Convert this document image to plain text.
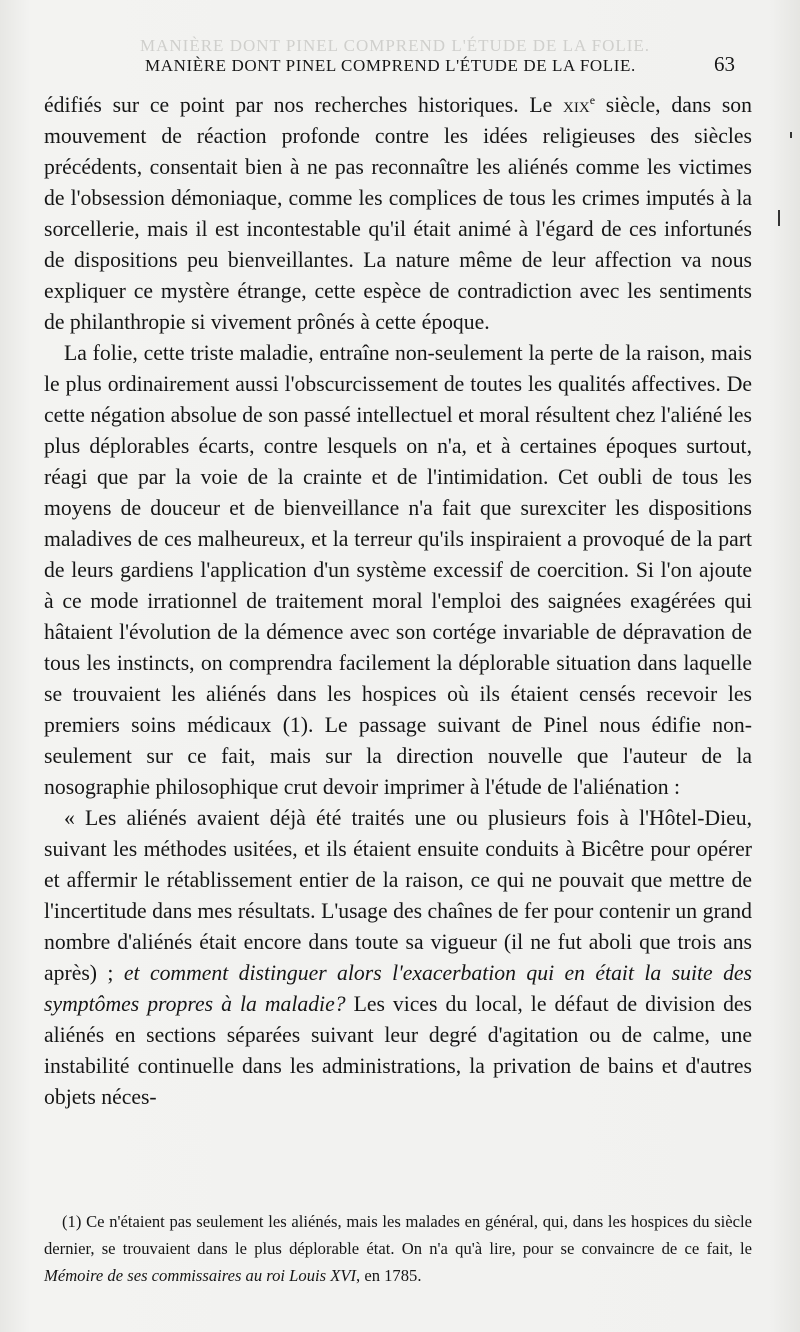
MANIÈRE DONT PINEL COMPREND L'ÉTUDE DE LA FOLIE.
MANIÈRE DONT PINEL COMPREND L'ÉTUDE DE LA FOLIE.	63

édifiés sur ce point par nos recherches historiques. Le xix$^e$ siècle, dans son mouvement de réaction profonde contre les idées religieuses des siècles précédents, consentait bien à ne pas reconnaître les aliénés comme les victimes de l'obsession démoniaque, comme les complices de tous les crimes imputés à la sorcellerie, mais il est incontestable qu'il était animé à l'égard de ces infortunés de dispositions peu bienveillantes. La nature même de leur affection va nous expliquer ce mystère étrange, cette espèce de contradiction avec les sentiments de philanthropie si vivement prônés à cette époque.

La folie, cette triste maladie, entraîne non-seulement la perte de la raison, mais le plus ordinairement aussi l'obscurcissement de toutes les qualités affectives. De cette négation absolue de son passé intellectuel et moral résultent chez l'aliéné les plus déplorables écarts, contre lesquels on n'a, et à certaines époques surtout, réagi que par la voie de la crainte et de l'intimidation. Cet oubli de tous les moyens de douceur et de bienveillance n'a fait que surexciter les dispositions maladives de ces malheureux, et la terreur qu'ils inspiraient a provoqué de la part de leurs gardiens l'application d'un système excessif de coercition. Si l'on ajoute à ce mode irrationnel de traitement moral l'emploi des saignées exagérées qui hâtaient l'évolution de la démence avec son cortége invariable de dépravation de tous les instincts, on comprendra facilement la déplorable situation dans laquelle se trouvaient les aliénés dans les hospices où ils étaient censés recevoir les premiers soins médicaux (1). Le passage suivant de Pinel nous édifie non-seulement sur ce fait, mais sur la direction nouvelle que l'auteur de la nosographie philosophique crut devoir imprimer à l'étude de l'aliénation :

« Les aliénés avaient déjà été traités une ou plusieurs fois à l'Hôtel-Dieu, suivant les méthodes usitées, et ils étaient ensuite conduits à Bicêtre pour opérer et affermir le rétablissement entier de la raison, ce qui ne pouvait que mettre de l'incertitude dans mes résultats. L'usage des chaînes de fer pour contenir un grand nombre d'aliénés était encore dans toute sa vigueur (il ne fut aboli que trois ans après) ; et comment distinguer alors l'exacerbation qui en était la suite des symptômes propres à la maladie? Les vices du local, le défaut de division des aliénés en sections séparées suivant leur degré d'agitation ou de calme, une instabilité continuelle dans les administrations, la privation de bains et d'autres objets néces-

(1) Ce n'étaient pas seulement les aliénés, mais les malades en général, qui, dans les hospices du siècle dernier, se trouvaient dans le plus déplorable état. On n'a qu'à lire, pour se convaincre de ce fait, le Mémoire de ses commissaires au roi Louis XVI, en 1785.
